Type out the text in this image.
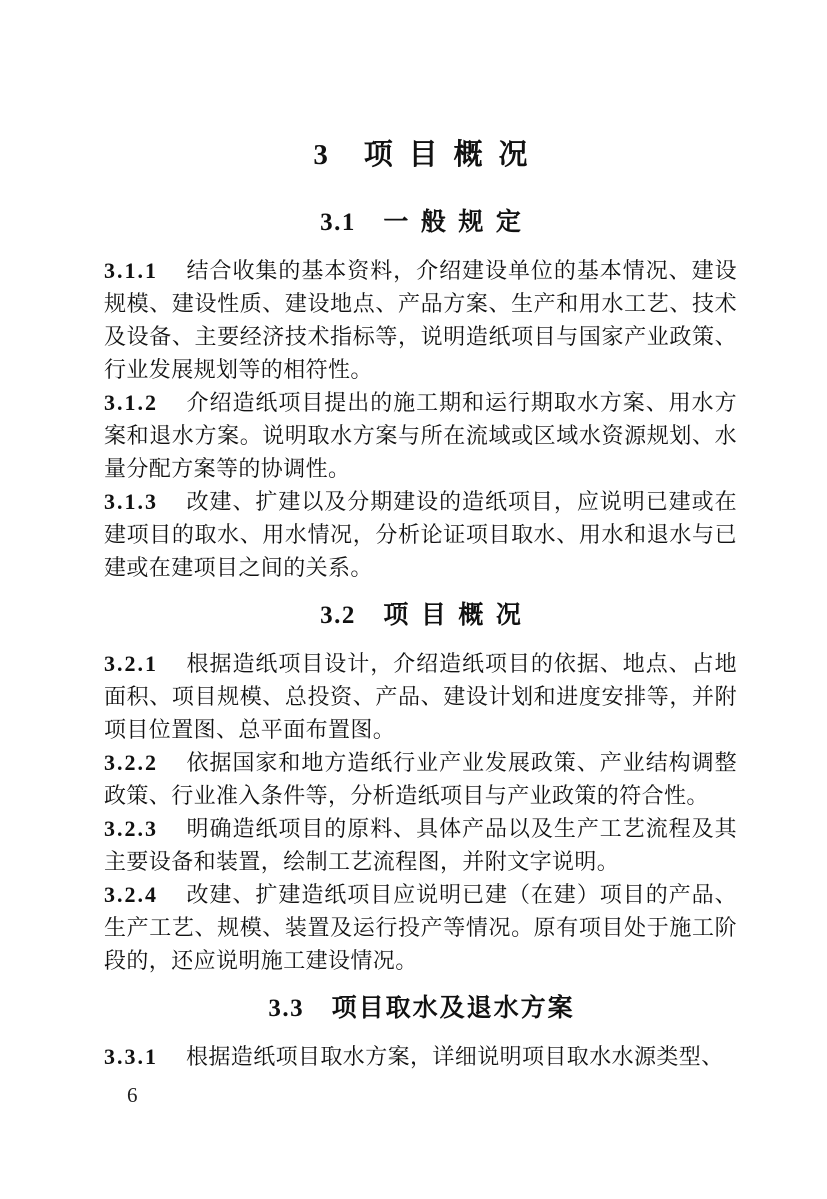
3 项目概况
3.1 一般规定

3.1.1 结合收集的基本资料，介绍建设单位的基本情况、建设规模、建设性质、建设地点、产品方案、生产和用水工艺、技术及设备、主要经济技术指标等，说明造纸项目与国家产业政策、行业发展规划等的相符性。

3.1.2 介绍造纸项目提出的施工期和运行期取水方案、用水方案和退水方案。说明取水方案与所在流域或区域水资源规划、水量分配方案等的协调性。

3.1.3 改建、扩建以及分期建设的造纸项目，应说明已建或在建项目的取水、用水情况，分析论证项目取水、用水和退水与已建或在建项目之间的关系。

3.2 项目概况

3.2.1 根据造纸项目设计，介绍造纸项目的依据、地点、占地面积、项目规模、总投资、产品、建设计划和进度安排等，并附项目位置图、总平面布置图。

3.2.2 依据国家和地方造纸行业产业发展政策、产业结构调整政策、行业准入条件等，分析造纸项目与产业政策的符合性。

3.2.3 明确造纸项目的原料、具体产品以及生产工艺流程及其主要设备和装置，绘制工艺流程图，并附文字说明。

3.2.4 改建、扩建造纸项目应说明已建（在建）项目的产品、生产工艺、规模、装置及运行投产等情况。原有项目处于施工阶段的，还应说明施工建设情况。

3.3 项目取水及退水方案

3.3.1 根据造纸项目取水方案，详细说明项目取水水源类型、

6
